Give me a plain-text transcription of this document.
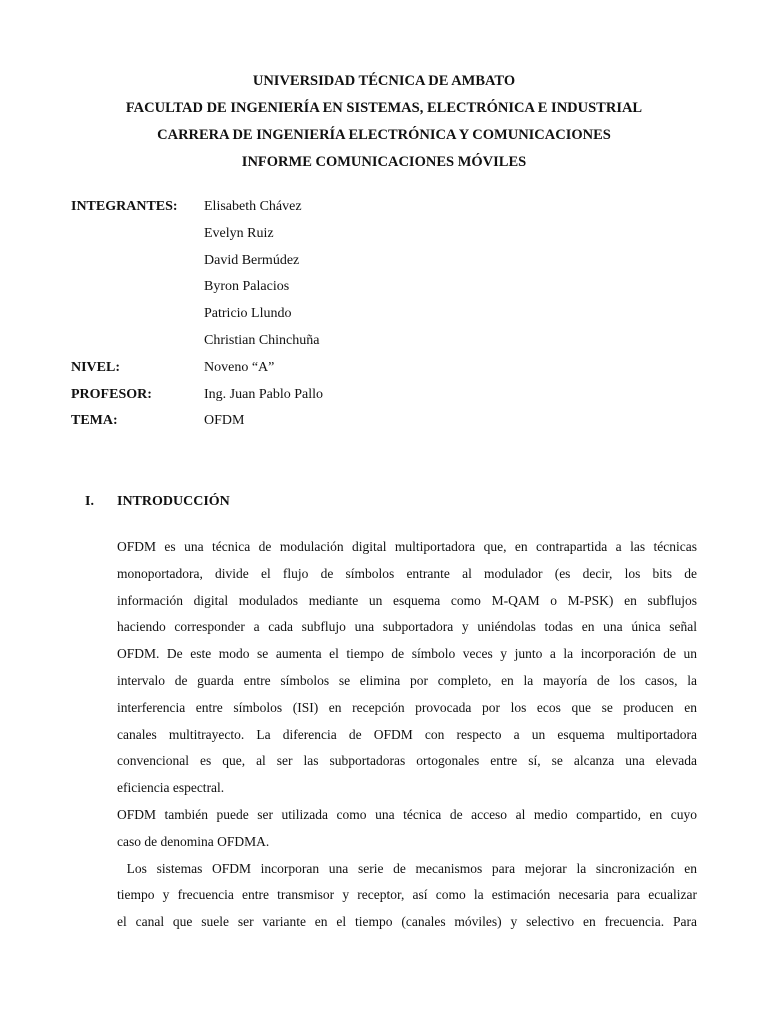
UNIVERSIDAD TÉCNICA DE AMBATO
FACULTAD DE INGENIERÍA EN SISTEMAS, ELECTRÓNICA E INDUSTRIAL
CARRERA DE INGENIERÍA ELECTRÓNICA Y COMUNICACIONES
INFORME COMUNICACIONES MÓVILES
INTEGRANTES: Elisabeth Chávez
Evelyn Ruiz
David Bermúdez
Byron Palacios
Patricio Llundo
Christian Chinchuña
NIVEL:	Noveno “A”
PROFESOR:	Ing. Juan Pablo Pallo
TEMA:	OFDM
I. INTRODUCCIÓN
OFDM es una técnica de modulación digital multiportadora que, en contrapartida a las técnicas
monoportadora, divide el flujo de símbolos entrante al modulador (es decir, los bits de
información digital modulados mediante un esquema como M-QAM o M-PSK) en subflujos
haciendo corresponder a cada subflujo una subportadora y uniéndolas todas en una única señal
OFDM. De este modo se aumenta el tiempo de símbolo veces y junto a la incorporación de un
intervalo de guarda entre símbolos se elimina por completo, en la mayoría de los casos, la
interferencia entre símbolos (ISI) en recepción provocada por los ecos que se producen en
canales multitrayecto. La diferencia de OFDM con respecto a un esquema multiportadora
convencional es que, al ser las subportadoras ortogonales entre sí, se alcanza una elevada
eficiencia espectral.
OFDM también puede ser utilizada como una técnica de acceso al medio compartido, en cuyo
caso de denomina OFDMA.
Los sistemas OFDM incorporan una serie de mecanismos para mejorar la sincronización en
tiempo y frecuencia entre transmisor y receptor, así como la estimación necesaria para ecualizar
el canal que suele ser variante en el tiempo (canales móviles) y selectivo en frecuencia. Para
